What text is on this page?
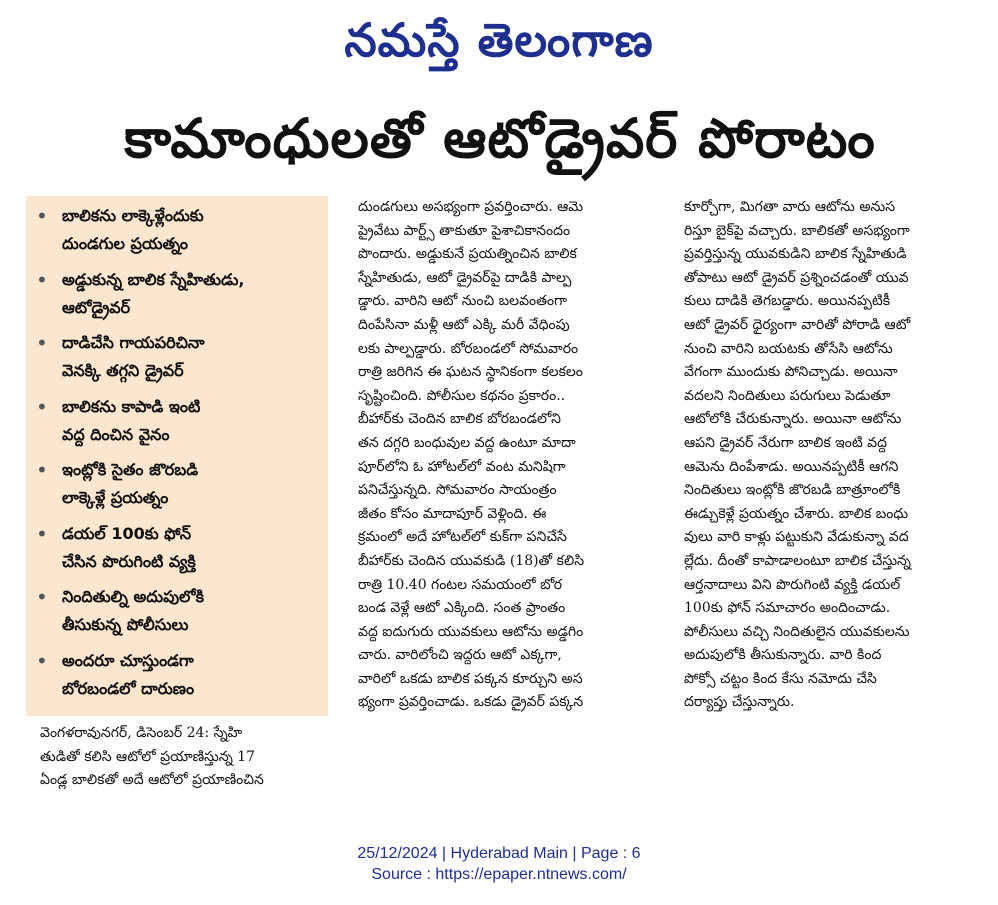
నమస్తే తెలంగాణ
కామాంధులతో ఆటోడ్రైవర్ పోరాటం
• బాలికను లాక్కెళ్లేందుకు
దుండగుల ప్రయత్నం
• అడ్డుకున్న బాలిక స్నేహితుడు,
ఆటోడ్రైవర్
• దాడిచేసి గాయపరిచినా
వెనక్కి తగ్గని డ్రైవర్
• బాలికను కాపాడి ఇంటి
వద్ద దించిన వైనం
• ఇంట్లోకి సైతం జొరబడి
లాక్కెళ్లే ప్రయత్నం
• డయల్ 100కు ఫోన్
చేసిన పొరుగింటి వ్యక్తి
• నిందితుల్ని అదుపులోకి
తీసుకున్న పోలీసులు
• అందరూ చూస్తుండగా
బోరబండలో దారుణం

వెంగళరావునగర్, డిసెంబర్ 24: స్నేహి

తుడితో కలిసి ఆటోలో ప్రయాణిస్తున్న 17

ఏండ్ల బాలికతో అదే ఆటోలో ప్రయాణించిన

దుండగులు అసభ్యంగా ప్రవర్తించారు. ఆమె

ప్రైవేటు పార్ట్స్ తాకుతూ పైశాచికానందం

పొందారు. అడ్డుకునే ప్రయత్నించిన బాలిక

స్నేహితుడు, ఆటో డ్రైవర్‌పై దాడికి పాల్ప

డ్డారు. వారిని ఆటో నుంచి బలవంతంగా

దింపేసినా మళ్లీ ఆటో ఎక్కి మరీ వేధింపు

లకు పాల్పడ్డారు. బోరబండలో సోమవారం

రాత్రి జరిగిన ఈ ఘటన స్థానికంగా కలకలం

సృష్టించింది. పోలీసుల కథనం ప్రకారం..

బీహార్‌కు చెందిన బాలిక బోరబండలోని

తన దగ్గరి బంధువుల వద్ద ఉంటూ మాదా

పూర్‌లోని ఓ హోటల్‌లో వంట మనిషిగా

పనిచేస్తున్నది. సోమవారం సాయంత్రం

జీతం కోసం మాదాపూర్ వెళ్లింది. ఈ

క్రమంలో అదే హోటల్‌లో కుక్‌గా పనిచేసే

బీహార్‌కు చెందిన యువకుడి (18)తో కలిసి

రాత్రి 10.40 గంటల సమయంలో బోర

బండ వెళ్లే ఆటో ఎక్కింది. సంత ప్రాంతం

వద్ద ఐదుగురు యువకులు ఆటోను అడ్డగిం

చారు. వారిలోంచి ఇద్దరు ఆటో ఎక్కగా,

వారిలో ఒకడు బాలిక పక్కన కూర్చుని అస

భ్యంగా ప్రవర్తించాడు. ఒకడు డ్రైవర్ పక్కన

కూర్చోగా, మిగతా వారు ఆటోను అనుస

రిస్తూ బైక్‌పై వచ్చారు. బాలికతో అసభ్యంగా

ప్రవర్తిస్తున్న యువకుడిని బాలిక స్నేహితుడి

తోపాటు ఆటో డ్రైవర్ ప్రశ్నించడంతో యువ

కులు దాడికి తెగబడ్డారు. అయినప్పటికీ

ఆటో డ్రైవర్ ధైర్యంగా వారితో పోరాడి ఆటో

నుంచి వారిని బయటకు తోసేసి ఆటోను

వేగంగా ముందుకు పోనిచ్చాడు. అయినా

వదలని నిందితులు పరుగులు పెడుతూ

ఆటోలోకి చేరుకున్నారు. అయినా ఆటోను

ఆపని డ్రైవర్ నేరుగా బాలిక ఇంటి వద్ద

ఆమెను దింపేశాడు. అయినప్పటికీ ఆగని

నిందితులు ఇంట్లోకి జొరబడి బాత్రూంలోకి

ఈడ్చుకెళ్లే ప్రయత్నం చేశారు. బాలిక బంధు

వులు వారి కాళ్లు పట్టుకుని వేడుకున్నా వద

ల్లేదు. దీంతో కాపాడాలంటూ బాలిక చేస్తున్న

ఆర్తనాదాలు విని పొరుగింటి వ్యక్తి డయల్

100కు ఫోన్ సమాచారం అందించాడు.

పోలీసులు వచ్చి నిందితులైన యువకులను

అదుపులోకి తీసుకున్నారు. వారి కింద

పోక్సో చట్టం కింద కేసు నమోదు చేసి

దర్యాప్తు చేస్తున్నారు.

25/12/2024 | Hyderabad Main | Page : 6
Source : https://epaper.ntnews.com/
